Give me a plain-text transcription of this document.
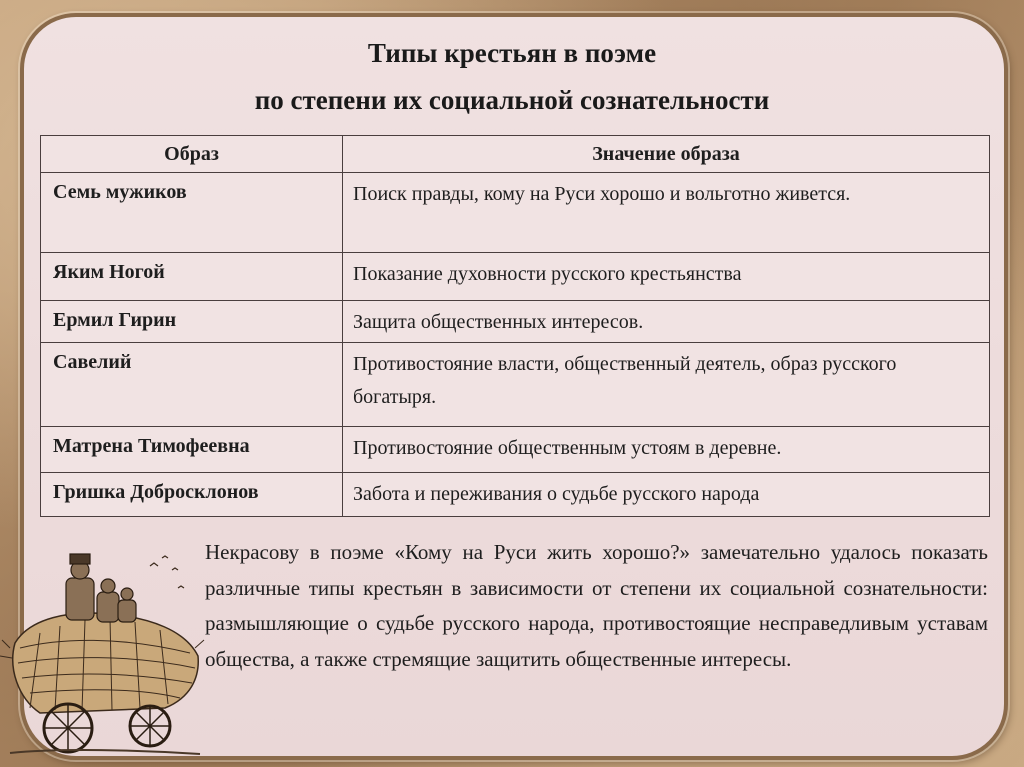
Типы крестьян в поэме
по степени их социальной сознательности
Образ	Значение образа
Семь мужиков	Поиск правды, кому на Руси хорошо и вольготно живется.
Яким Ногой	Показание духовности русского крестьянства
Ермил Гирин	Защита общественных интересов.
Савелий	Противостояние власти, общественный деятель, образ русского богатыря.
Матрена Тимофеевна	Противостояние общественным устоям в деревне.
Гришка Добросклонов	Забота и переживания о судьбе русского народа
Некрасову в поэме «Кому на Руси жить хорошо?» замечательно удалось показать различные типы крестьян в зависимости от степени их социальной сознательности: размышляющие о судьбе русского народа, противостоящие несправедливым уставам общества, а также стремящие защитить общественные интересы.
